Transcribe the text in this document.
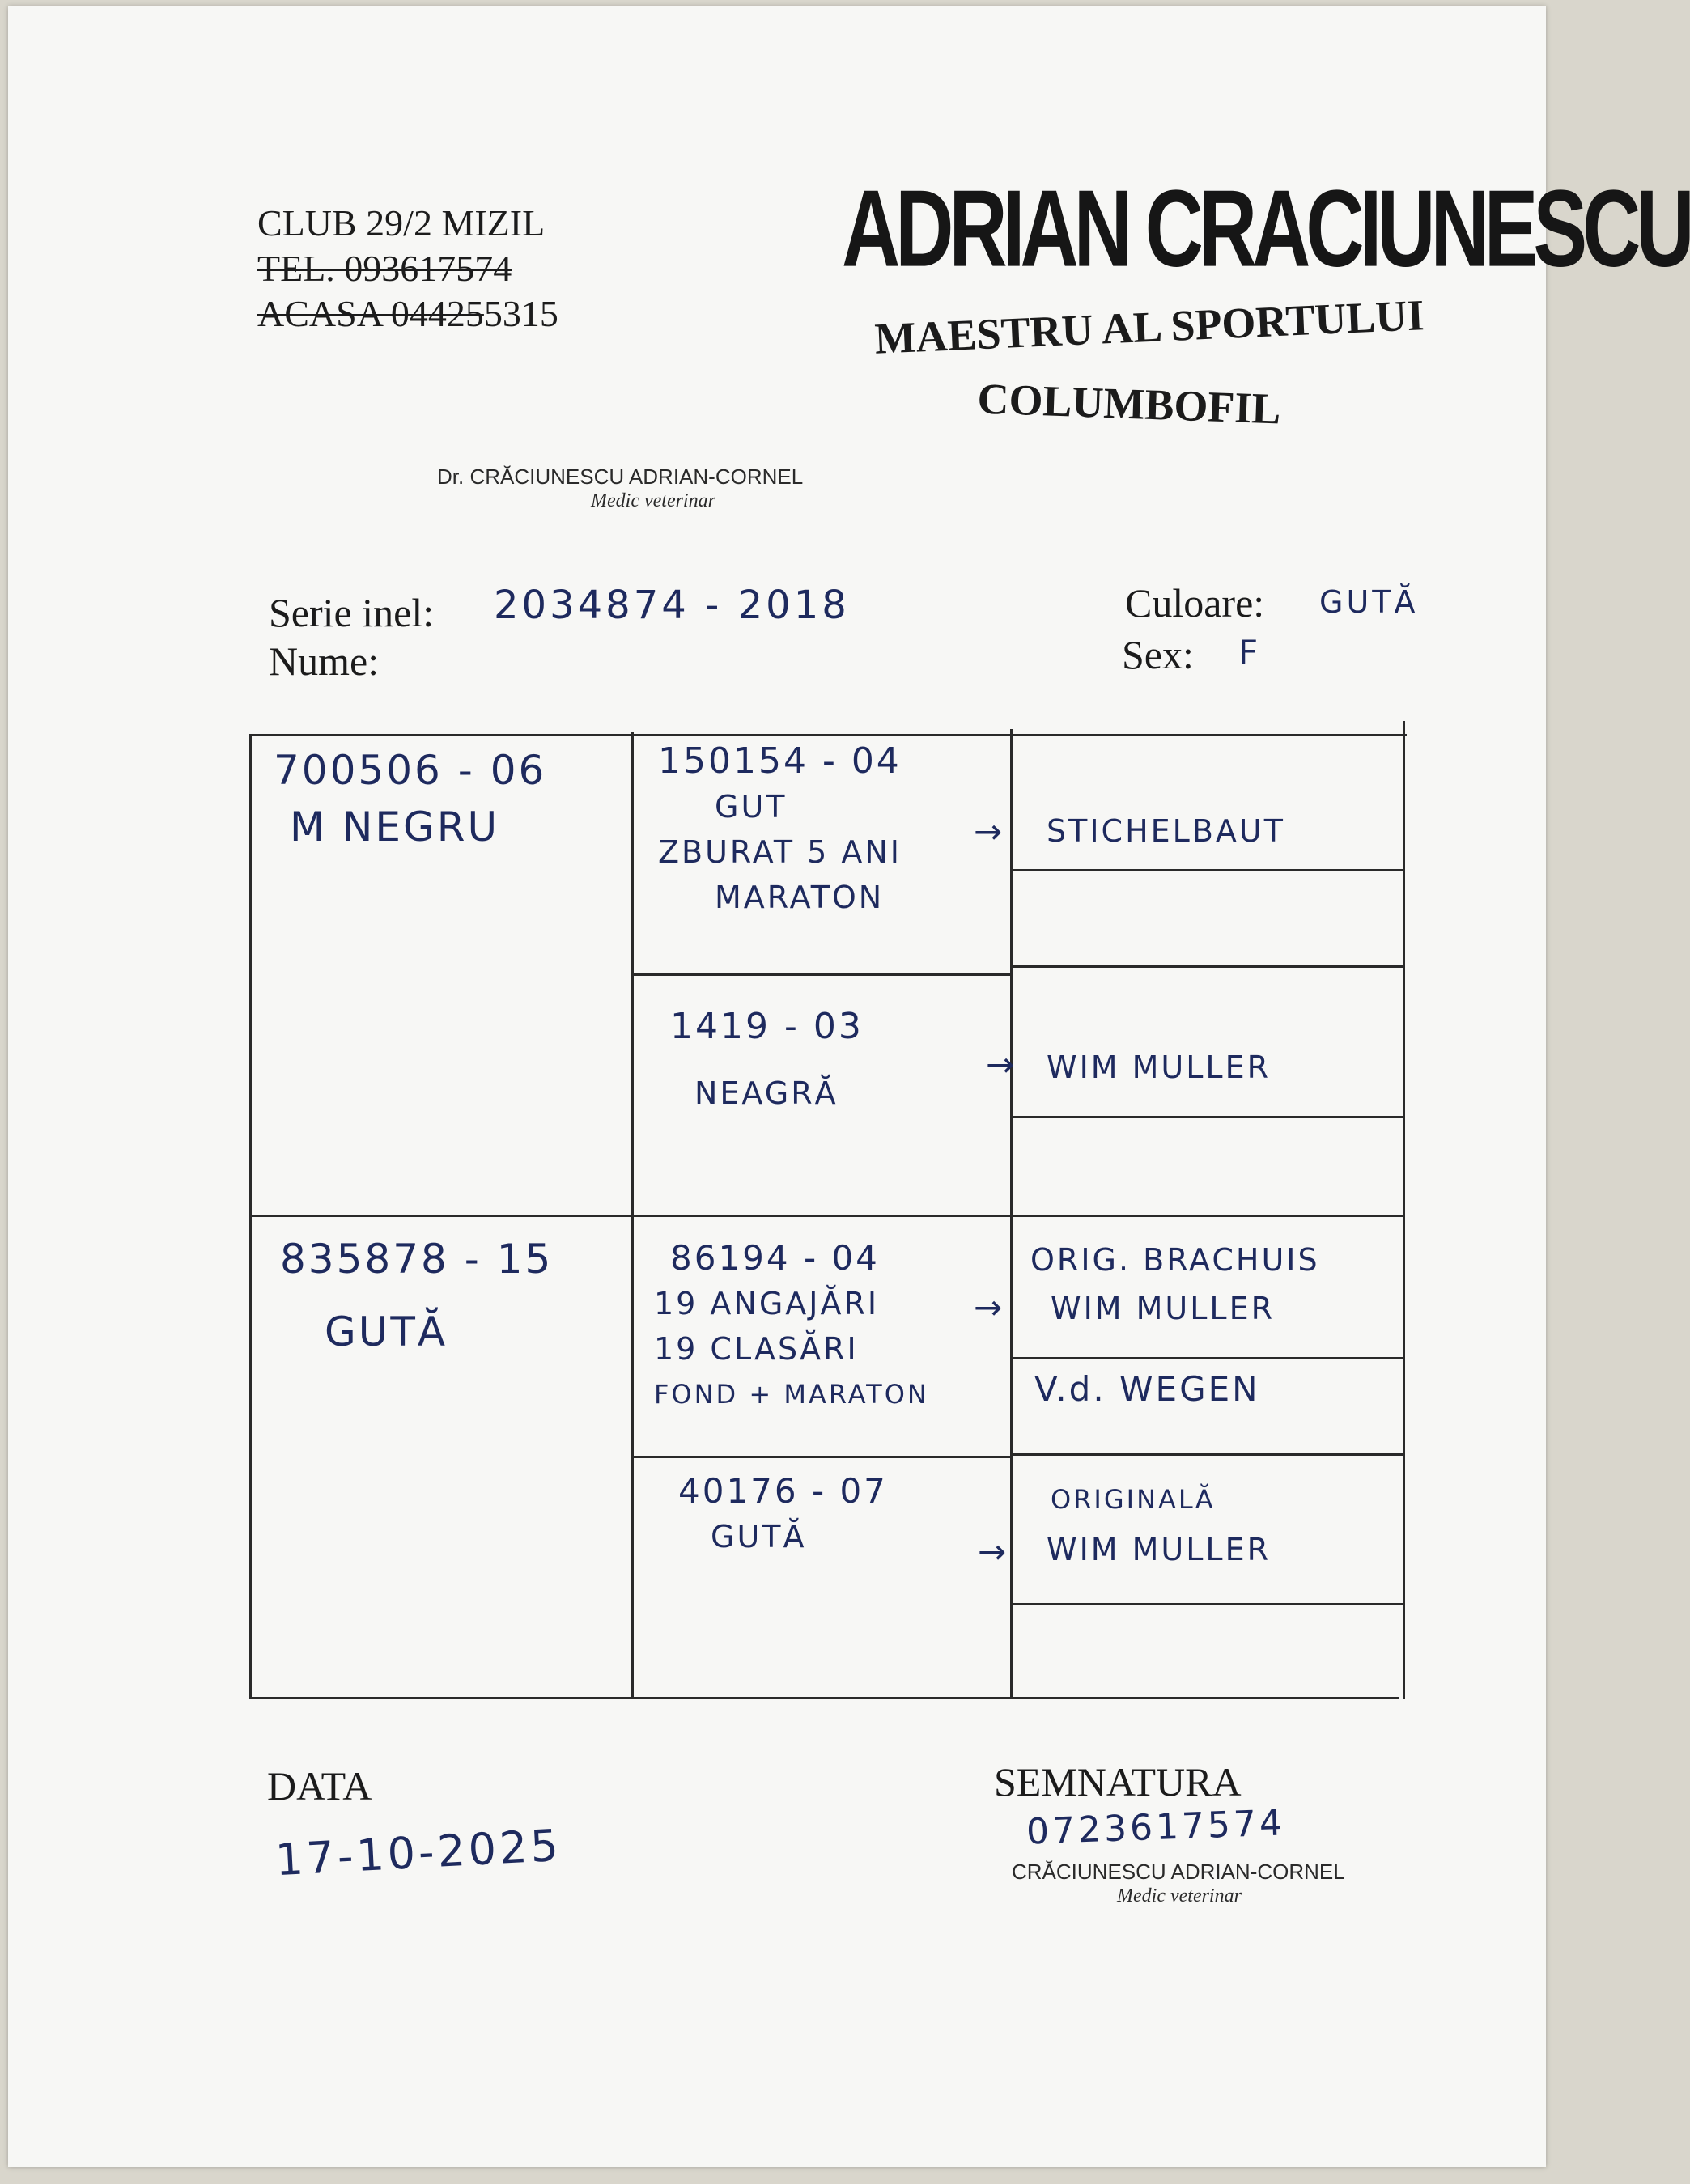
CLUB 29/2 MIZIL
TEL. 093617574
ACASA 044255315
ADRIAN CRACIUNESCU
MAESTRU AL SPORTULUI
COLUMBOFIL
Dr. CRĂCIUNESCU ADRIAN-CORNEL
Medic veterinar
Serie inel: 2034874 - 2018
Nume:
Culoare: GUTĂ
Sex: F
700506 - 06
M NEGRU
835878 - 15
GUTĂ
150154 - 04
GUT
ZBURAT 5 ANI
MARATON
1419 - 03
NEAGRĂ
86194 - 04
19 ANGAJĂRI
19 CLASĂRI
FOND + MARATON
40176 - 07
GUTĂ
→
→
→
→
STICHELBAUT
WIM MULLER
ORIG. BRACHUIS
WIM MULLER
V.d. WEGEN
ORIGINALĂ
WIM MULLER
DATA
17-10-2025
SEMNATURA
0723617574
CRĂCIUNESCU ADRIAN-CORNEL
Medic veterinar
